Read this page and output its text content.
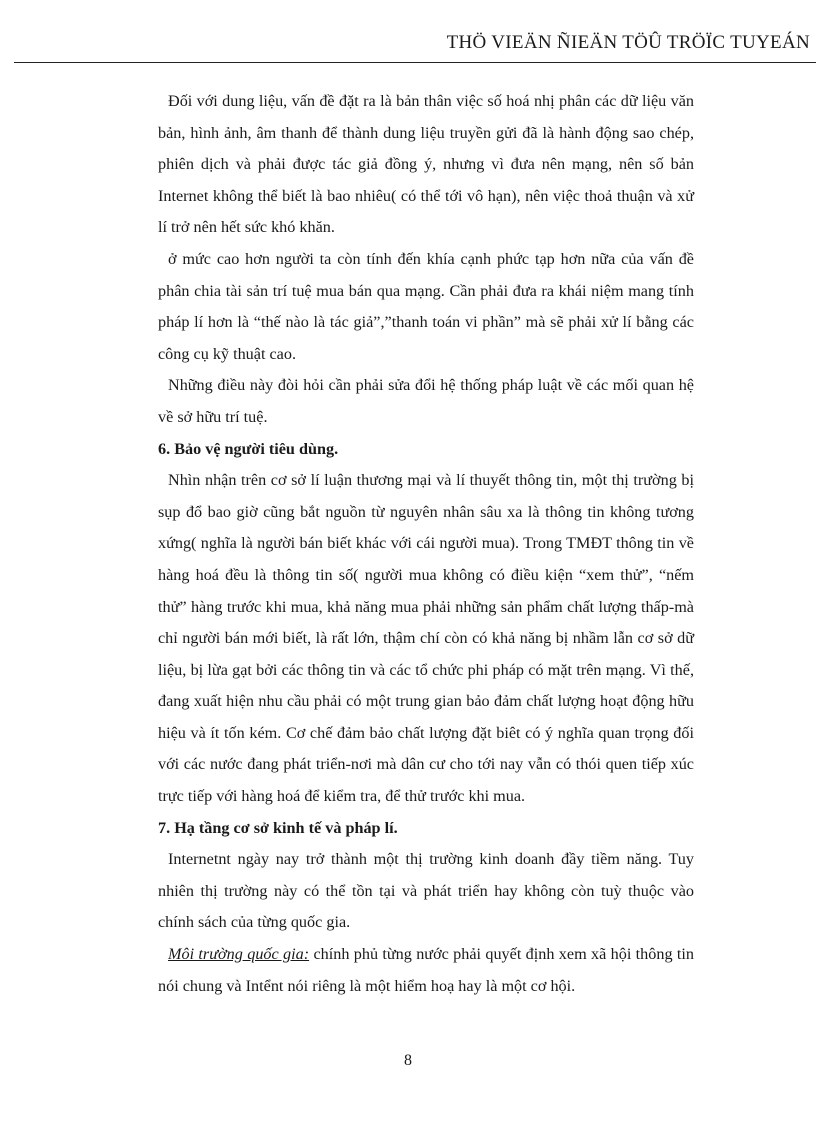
THÖ VIEÄN ÑIEÄN TÖÛ TRÖÏC TUYEÁN

Đối với dung liệu, vấn đề đặt ra là bản thân việc số hoá nhị phân các dữ liệu văn bản, hình ảnh, âm thanh để thành dung liệu truyền gửi đã là hành động sao chép, phiên dịch và phải được tác giả đồng ý, nhưng vì đưa nên mạng, nên số bản Internet không thể biết là bao nhiêu( có thể tới vô hạn), nên việc thoả thuận và xử lí trở nên hết sức khó khăn.

ở mức cao hơn người ta còn tính đến khía cạnh phức tạp hơn nữa của vấn đề phân chia tài sản trí tuệ mua bán qua mạng. Cần phải đưa ra khái niệm mang tính pháp lí hơn là “thế nào là tác giả”,”thanh toán vi phần” mà sẽ phải xử lí bằng các công cụ kỹ thuật cao.

Những điều này đòi hỏi cần phải sửa đổi hệ thống pháp luật về các mối quan hệ về sở hữu trí tuệ.

6. Bảo vệ người tiêu dùng.

Nhìn nhận trên cơ sở lí luận thương mại và lí thuyết thông tin, một thị trường bị sụp đổ bao giờ cũng bắt nguồn từ nguyên nhân sâu xa là thông tin không tương xứng( nghĩa là người bán biết khác với cái người mua). Trong TMĐT thông tin về hàng hoá đều là thông tin số( người mua không có điều kiện “xem thử”, “nếm thử” hàng trước khi mua, khả năng mua phải những sản phẩm chất lượng thấp-mà chỉ người bán mới biết, là rất lớn, thậm chí còn có khả năng bị nhầm lẫn cơ sở dữ liệu, bị lừa gạt bởi các thông tin và các tổ chức phi pháp có mặt trên mạng. Vì thế, đang xuất hiện nhu cầu phải có một trung gian bảo đảm chất lượng hoạt động hữu hiệu và ít tốn kém. Cơ chế đảm bảo chất lượng đặt biêt có ý nghĩa quan trọng đối với các nước đang phát triển-nơi mà dân cư cho tới nay vẫn có thói quen tiếp xúc trực tiếp với hàng hoá để kiểm tra, để thử trước khi mua.

7. Hạ tầng cơ sở kinh tế và pháp lí.

Internetnt ngày nay trở thành một thị trường kinh doanh đầy tiềm năng. Tuy nhiên thị trường này có thể tồn tại và phát triển hay không còn tuỳ thuộc vào chính sách của từng quốc gia.

Môi trường quốc gia: chính phủ từng nước phải quyết định xem xã hội thông tin nói chung và Intểnt nói riêng là một hiểm hoạ hay là một cơ hội.

8
